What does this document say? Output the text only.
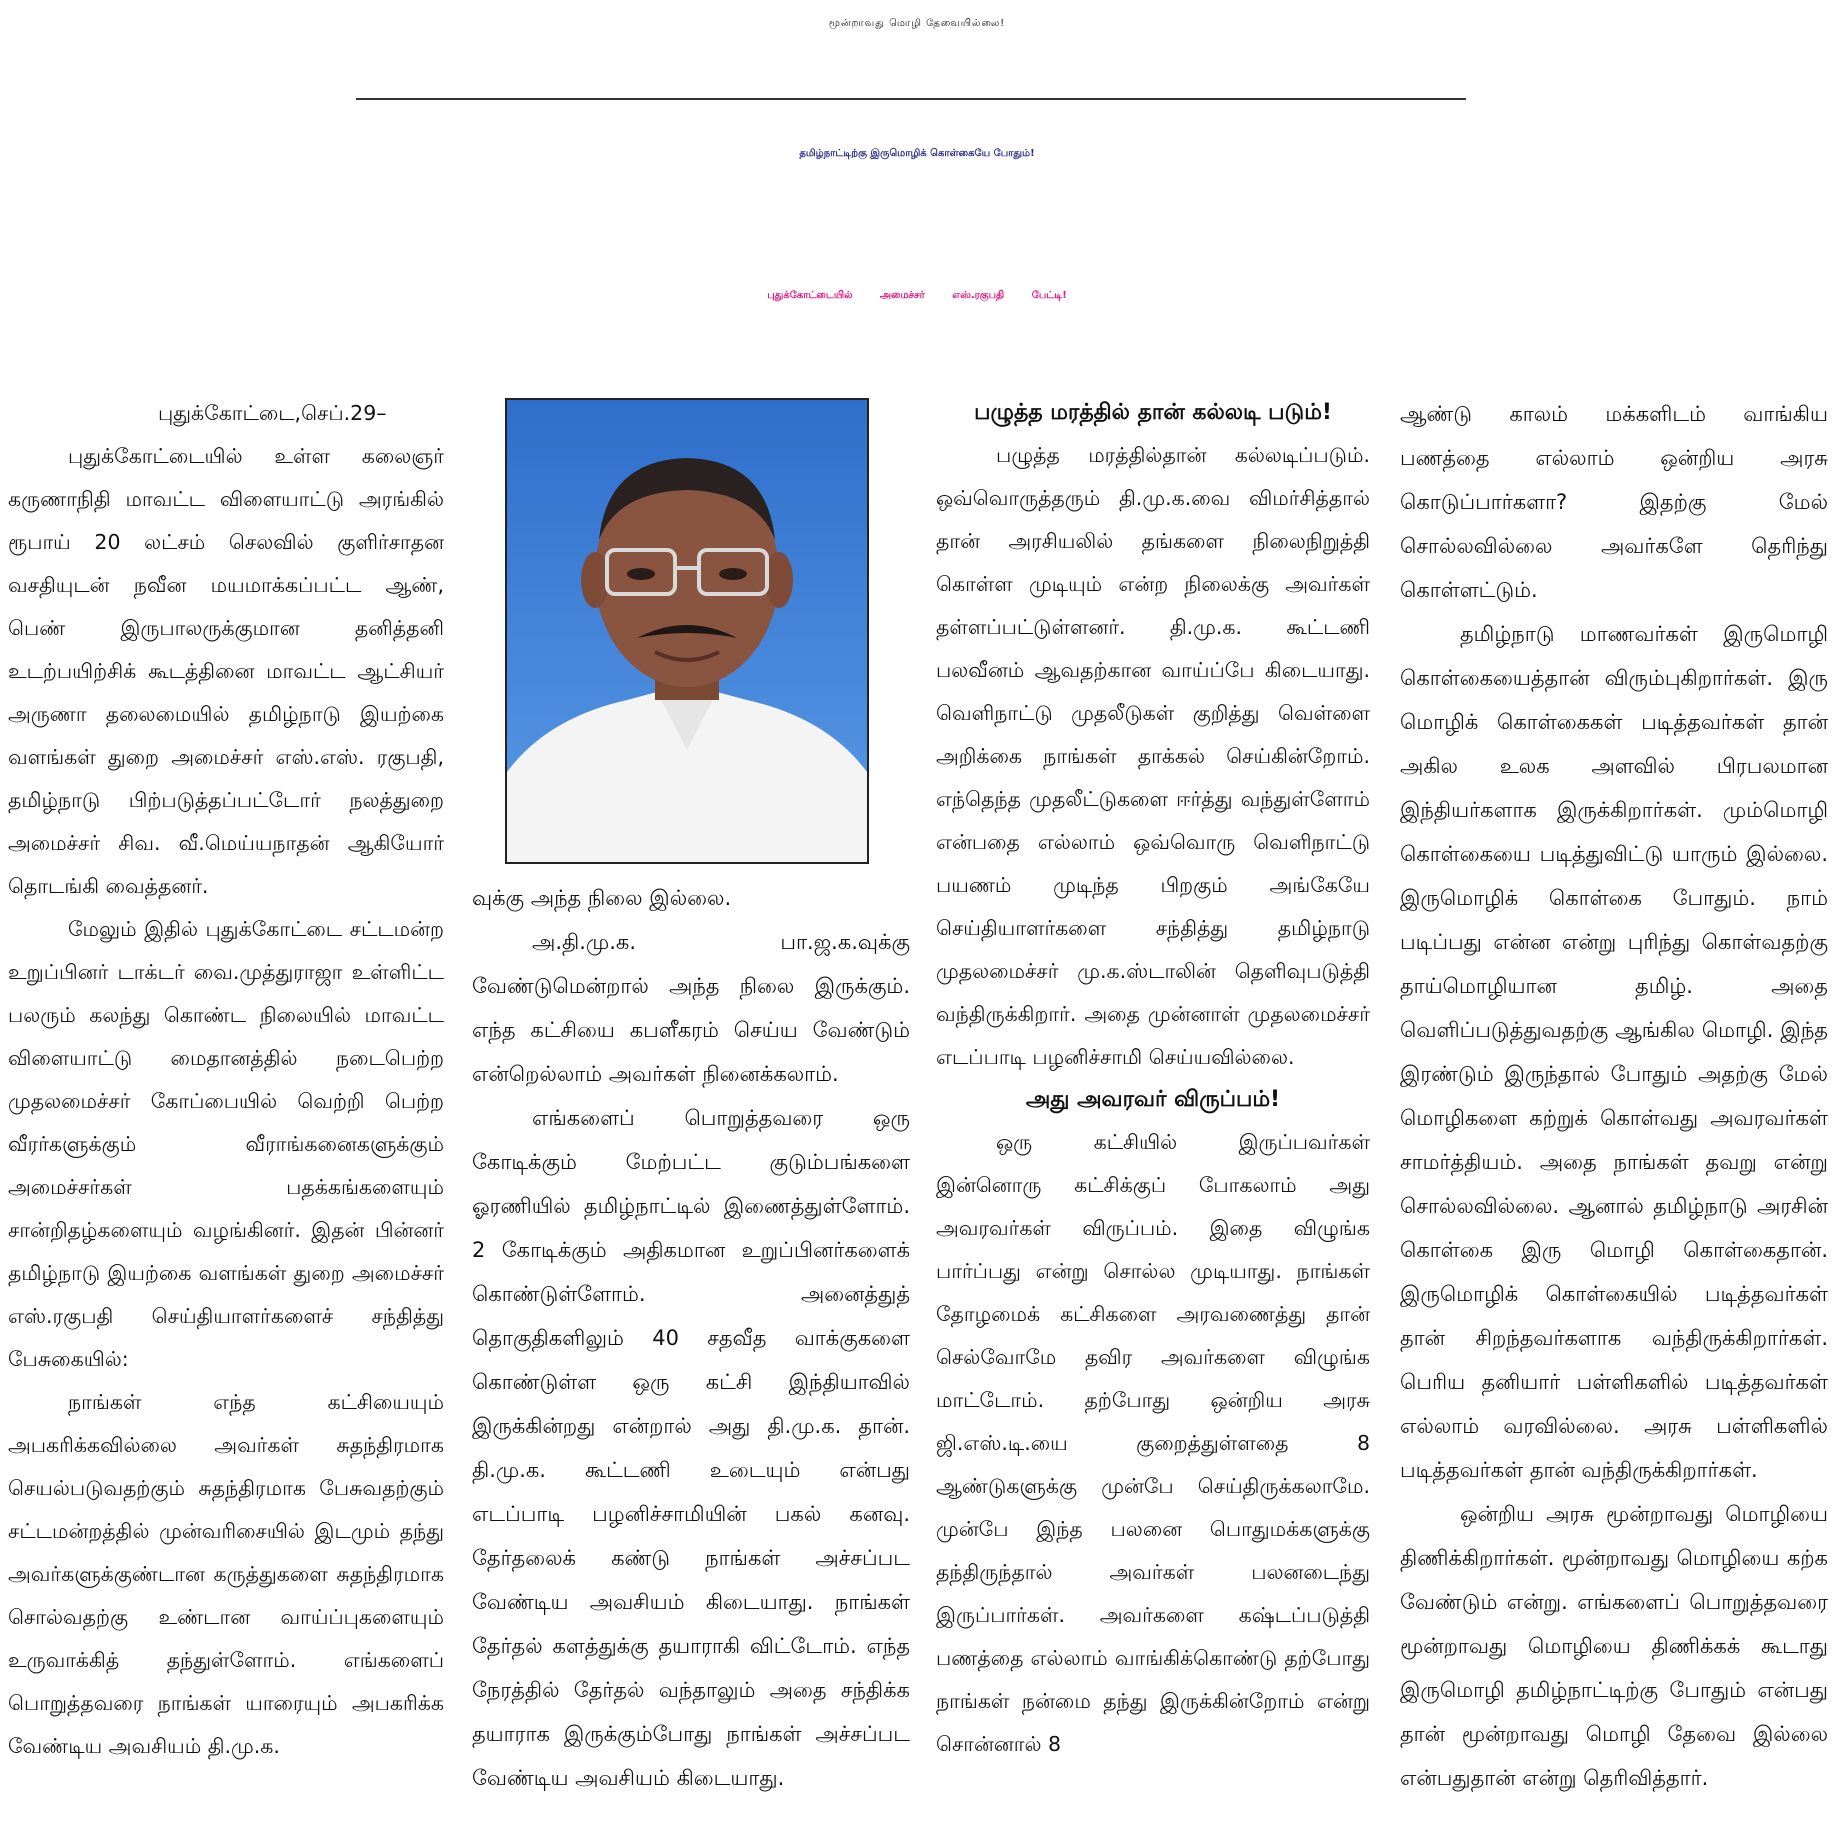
மூன்றாவது மொழி தேவையில்லை!
தமிழ்நாட்டிற்கு இருமொழிக் கொள்கையே போதும்!
புதுக்கோட்டையில் அமைச்சர் எஸ்.ரகுபதி பேட்டி!

புதுக்கோட்டை,செப்.29–

புதுக்கோட்டையில் உள்ள கலைஞர் கருணாநிதி மாவட்ட விளையாட்டு அரங்கில் ரூபாய் 20 லட்சம் செலவில் குளிர்சாதன வசதியுடன் நவீன மயமாக்கப்பட்ட ஆண், பெண் இருபாலருக்குமான தனித்தனி உடற்பயிற்சிக் கூடத்தினை மாவட்ட ஆட்சியர் அருணா தலைமையில் தமிழ்நாடு இயற்கை வளங்கள் துறை அமைச்சர் எஸ்.எஸ். ரகுபதி, தமிழ்நாடு பிற்படுத்தப்பட்டோர் நலத்துறை அமைச்சர் சிவ. வீ.மெய்யநாதன் ஆகியோர் தொடங்கி வைத்தனர்.

மேலும் இதில் புதுக்கோட்டை சட்டமன்ற உறுப்பினர் டாக்டர் வை.முத்துராஜா உள்ளிட்ட பலரும் கலந்து கொண்ட நிலையில் மாவட்ட விளையாட்டு மைதானத்தில் நடைபெற்ற முதலமைச்சர் கோப்பையில் வெற்றி பெற்ற வீரர்களுக்கும் வீராங்கனைகளுக்கும் அமைச்சர்கள் பதக்கங்களையும் சான்றிதழ்களையும் வழங்கினர். இதன் பின்னர் தமிழ்நாடு இயற்கை வளங்கள் துறை அமைச்சர் எஸ்.ரகுபதி செய்தியாளர்களைச் சந்தித்து பேசுகையில்:

நாங்கள் எந்த கட்சியையும் அபகரிக்கவில்லை அவர்கள் சுதந்திரமாக செயல்படுவதற்கும் சுதந்திரமாக பேசுவதற்கும் சட்டமன்றத்தில் முன்வரிசையில் இடமும் தந்து அவர்களுக்குண்டான கருத்துகளை சுதந்திரமாக சொல்வதற்கு உண்டான வாய்ப்புகளையும் உருவாக்கித் தந்துள்ளோம். எங்களைப் பொறுத்தவரை நாங்கள் யாரையும் அபகரிக்க வேண்டிய அவசியம் தி.மு.க.

வுக்கு அந்த நிலை இல்லை.

அ.தி.மு.க. பா.ஜ.க.வுக்கு வேண்டுமென்றால் அந்த நிலை இருக்கும். எந்த கட்சியை கபளீகரம் செய்ய வேண்டும் என்றெல்லாம் அவர்கள் நினைக்கலாம்.

எங்களைப் பொறுத்தவரை ஒரு கோடிக்கும் மேற்பட்ட குடும்பங்களை ஓரணியில் தமிழ்நாட்டில் இணைத்துள்ளோம். 2 கோடிக்கும் அதிகமான உறுப்பினர்களைக் கொண்டுள்ளோம். அனைத்துத் தொகுதிகளிலும் 40 சதவீத வாக்குகளை கொண்டுள்ள ஒரு கட்சி இந்தியாவில் இருக்கின்றது என்றால் அது தி.மு.க. தான். தி.மு.க. கூட்டணி உடையும் என்பது எடப்பாடி பழனிச்சாமியின் பகல் கனவு. தேர்தலைக் கண்டு நாங்கள் அச்சப்பட வேண்டிய அவசியம் கிடையாது. நாங்கள் தேர்தல் களத்துக்கு தயாராகி விட்டோம். எந்த நேரத்தில் தேர்தல் வந்தாலும் அதை சந்திக்க தயாராக இருக்கும்போது நாங்கள் அச்சப்பட வேண்டிய அவசியம் கிடையாது.

பழுத்த மரத்தில் தான் கல்லடி படும்!

பழுத்த மரத்தில்தான் கல்லடிப்படும். ஒவ்வொருத்தரும் தி.மு.க.வை விமர்சித்தால் தான் அரசியலில் தங்களை நிலைநிறுத்தி கொள்ள முடியும் என்ற நிலைக்கு அவர்கள் தள்ளப்பட்டுள்ளனர். தி.மு.க. கூட்டணி பலவீனம் ஆவதற்கான வாய்ப்பே கிடையாது. வெளிநாட்டு முதலீடுகள் குறித்து வெள்ளை அறிக்கை நாங்கள் தாக்கல் செய்கின்றோம். எந்தெந்த முதலீட்டுகளை ஈர்த்து வந்துள்ளோம் என்பதை எல்லாம் ஒவ்வொரு வெளிநாட்டு பயணம் முடிந்த பிறகும் அங்கேயே செய்தியாளர்களை சந்தித்து தமிழ்நாடு முதலமைச்சர் மு.க.ஸ்டாலின் தெளிவுபடுத்தி வந்திருக்கிறார். அதை முன்னாள் முதலமைச்சர் எடப்பாடி பழனிச்சாமி செய்யவில்லை.

அது அவரவர் விருப்பம்!

ஒரு கட்சியில் இருப்பவர்கள் இன்னொரு கட்சிக்குப் போகலாம் அது அவரவர்கள் விருப்பம். இதை விழுங்க பார்ப்பது என்று சொல்ல முடியாது. நாங்கள் தோழமைக் கட்சிகளை அரவணைத்து தான் செல்வோமே தவிர அவர்களை விழுங்க மாட்டோம். தற்போது ஒன்றிய அரசு ஜி.எஸ்.டி.யை குறைத்துள்ளதை 8 ஆண்டுகளுக்கு முன்பே செய்திருக்கலாமே. முன்பே இந்த பலனை பொதுமக்களுக்கு தந்திருந்தால் அவர்கள் பலனடைந்து இருப்பார்கள். அவர்களை கஷ்டப்படுத்தி பணத்தை எல்லாம் வாங்கிக்கொண்டு தற்போது நாங்கள் நன்மை தந்து இருக்கின்றோம் என்று சொன்னால் 8

ஆண்டு காலம் மக்களிடம் வாங்கிய பணத்தை எல்லாம் ஒன்றிய அரசு கொடுப்பார்களா? இதற்கு மேல் சொல்லவில்லை அவர்களே தெரிந்து கொள்ளட்டும்.

தமிழ்நாடு மாணவர்கள் இருமொழி கொள்கையைத்தான் விரும்புகிறார்கள். இரு மொழிக் கொள்கைகள் படித்தவர்கள் தான் அகில உலக அளவில் பிரபலமான இந்தியர்களாக இருக்கிறார்கள். மும்மொழி கொள்கையை படித்துவிட்டு யாரும் இல்லை. இருமொழிக் கொள்கை போதும். நாம் படிப்பது என்ன என்று புரிந்து கொள்வதற்கு தாய்மொழியான தமிழ். அதை வெளிப்படுத்துவதற்கு ஆங்கில மொழி. இந்த இரண்டும் இருந்தால் போதும் அதற்கு மேல் மொழிகளை கற்றுக் கொள்வது அவரவர்கள் சாமர்த்தியம். அதை நாங்கள் தவறு என்று சொல்லவில்லை. ஆனால் தமிழ்நாடு அரசின் கொள்கை இரு மொழி கொள்கைதான். இருமொழிக் கொள்கையில் படித்தவர்கள் தான் சிறந்தவர்களாக வந்திருக்கிறார்கள். பெரிய தனியார் பள்ளிகளில் படித்தவர்கள் எல்லாம் வரவில்லை. அரசு பள்ளிகளில் படித்தவர்கள் தான் வந்திருக்கிறார்கள்.

ஒன்றிய அரசு மூன்றாவது மொழியை திணிக்கிறார்கள். மூன்றாவது மொழியை கற்க வேண்டும் என்று. எங்களைப் பொறுத்தவரை மூன்றாவது மொழியை திணிக்கக் கூடாது இருமொழி தமிழ்நாட்டிற்கு போதும் என்பது தான் மூன்றாவது மொழி தேவை இல்லை என்பதுதான் என்று தெரிவித்தார்.
